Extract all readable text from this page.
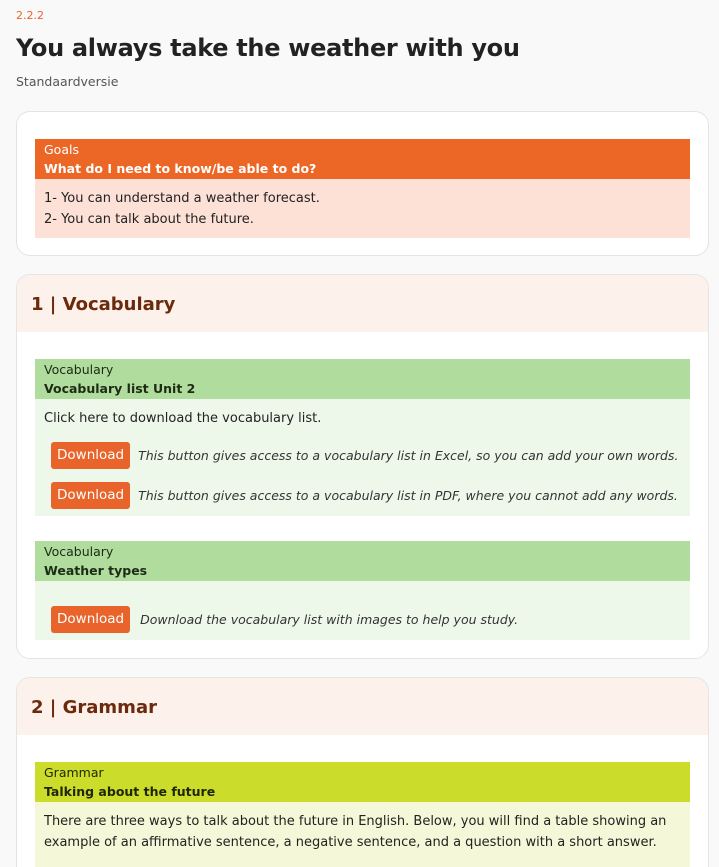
2.2.2
You always take the weather with you
Standaardversie
Goals
What do I need to know/be able to do?
1- You can understand a weather forecast.
2- You can talk about the future.
1 | Vocabulary
Vocabulary
Vocabulary list Unit 2
Click here to download the vocabulary list.
Download	This button gives access to a vocabulary list in Excel, so you can add your own words.
Download	This button gives access to a vocabulary list in PDF, where you cannot add any words.
Vocabulary
Weather types
Download	Download the vocabulary list with images to help you study.
2 | Grammar
Grammar
Talking about the future
There are three ways to talk about the future in English. Below, you will find a table showing an example of an affirmative sentence, a negative sentence, and a question with a short answer.
